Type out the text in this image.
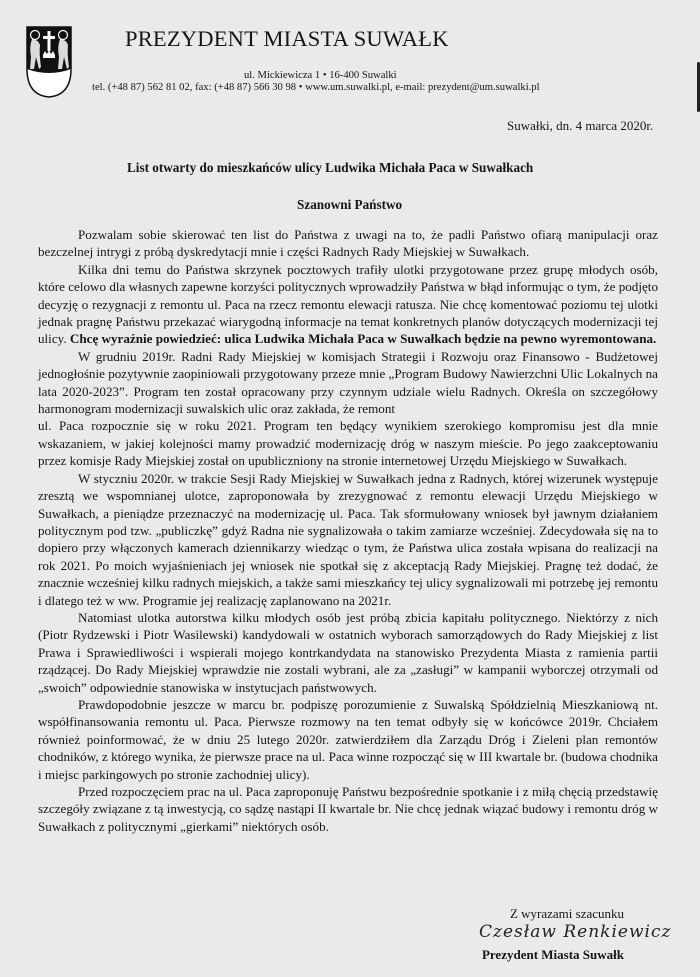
PREZYDENT MIASTA SUWAŁK
ul. Mickiewicza 1 • 16-400 Suwalki
tel. (+48 87) 562 81 02, fax: (+48 87) 566 30 98 • www.um.suwalki.pl, e-mail: prezydent@um.suwalki.pl
Suwałki, dn. 4 marca 2020r.
List otwarty do mieszkańców ulicy Ludwika Michała Paca w Suwałkach
Szanowni Państwo

Pozwalam sobie skierować ten list do Państwa z uwagi na to, że padli Państwo ofiarą manipulacji oraz bezczelnej intrygi z próbą dyskredytacji mnie i części Radnych Rady Miejskiej w Suwałkach.

Kilka dni temu do Państwa skrzynek pocztowych trafiły ulotki przygotowane przez grupę młodych osób, które celowo dla własnych zapewne korzyści politycznych wprowadziły Państwa w błąd informując o tym, że podjęto decyzję o rezygnacji z remontu ul. Paca na rzecz remontu elewacji ratusza. Nie chcę komentować poziomu tej ulotki jednak pragnę Państwu przekazać wiarygodną informacje na temat konkretnych planów dotyczących modernizacji tej ulicy. Chcę wyraźnie powiedzieć: ulica Ludwika Michała Paca w Suwałkach będzie na pewno wyremontowana.

W grudniu 2019r. Radni Rady Miejskiej w komisjach Strategii i Rozwoju oraz Finansowo - Budżetowej jednogłośnie pozytywnie zaopiniowali przygotowany przeze mnie „Program Budowy Nawierzchni Ulic Lokalnych na lata 2020-2023”. Program ten został opracowany przy czynnym udziale wielu Radnych. Określa on szczegółowy harmonogram modernizacji suwalskich ulic oraz zakłada, że remont

ul. Paca rozpocznie się w roku 2021. Program ten będący wynikiem szerokiego kompromisu jest dla mnie wskazaniem, w jakiej kolejności mamy prowadzić modernizację dróg w naszym mieście. Po jego zaakceptowaniu przez komisje Rady Miejskiej został on upubliczniony na stronie internetowej Urzędu Miejskiego w Suwałkach.

W styczniu 2020r. w trakcie Sesji Rady Miejskiej w Suwałkach jedna z Radnych, której wizerunek występuje zresztą we wspomnianej ulotce, zaproponowała by zrezygnować z remontu elewacji Urzędu Miejskiego w Suwałkach, a pieniądze przeznaczyć na modernizację ul. Paca. Tak sformułowany wniosek był jawnym działaniem politycznym pod tzw. „publiczkę” gdyż Radna nie sygnalizowała o takim zamiarze wcześniej. Zdecydowała się na to dopiero przy włączonych kamerach dziennikarzy wiedząc o tym, że Państwa ulica została wpisana do realizacji na rok 2021. Po moich wyjaśnieniach jej wniosek nie spotkał się z akceptacją Rady Miejskiej. Pragnę też dodać, że znacznie wcześniej kilku radnych miejskich, a także sami mieszkańcy tej ulicy sygnalizowali mi potrzebę jej remontu i dlatego też w ww. Programie jej realizację zaplanowano na 2021r.

Natomiast ulotka autorstwa kilku młodych osób jest próbą zbicia kapitału politycznego. Niektórzy z nich (Piotr Rydzewski i Piotr Wasilewski) kandydowali w ostatnich wyborach samorządowych do Rady Miejskiej z list Prawa i Sprawiedliwości i wspierali mojego kontrkandydata na stanowisko Prezydenta Miasta z ramienia partii rządzącej. Do Rady Miejskiej wprawdzie nie zostali wybrani, ale za „zasługi” w kampanii wyborczej otrzymali od „swoich” odpowiednie stanowiska w instytucjach państwowych.

Prawdopodobnie jeszcze w marcu br. podpiszę porozumienie z Suwalską Spółdzielnią Mieszkaniową nt. współfinansowania remontu ul. Paca. Pierwsze rozmowy na ten temat odbyły się w końcówce 2019r. Chciałem również poinformować, że w dniu 25 lutego 2020r. zatwierdziłem dla Zarządu Dróg i Zieleni plan remontów chodników, z którego wynika, że pierwsze prace na ul. Paca winne rozpocząć się w III kwartale br. (budowa chodnika i miejsc parkingowych po stronie zachodniej ulicy).

Przed rozpoczęciem prac na ul. Paca zaproponuję Państwu bezpośrednie spotkanie i z miłą chęcią przedstawię szczegóły związane z tą inwestycją, co sądzę nastąpi II kwartale br. Nie chcę jednak wiązać budowy i remontu dróg w Suwałkach z politycznymi „gierkami” niektórych osób.

Z wyrazami szacunku
Czesław Renkiewicz
Prezydent Miasta Suwałk
